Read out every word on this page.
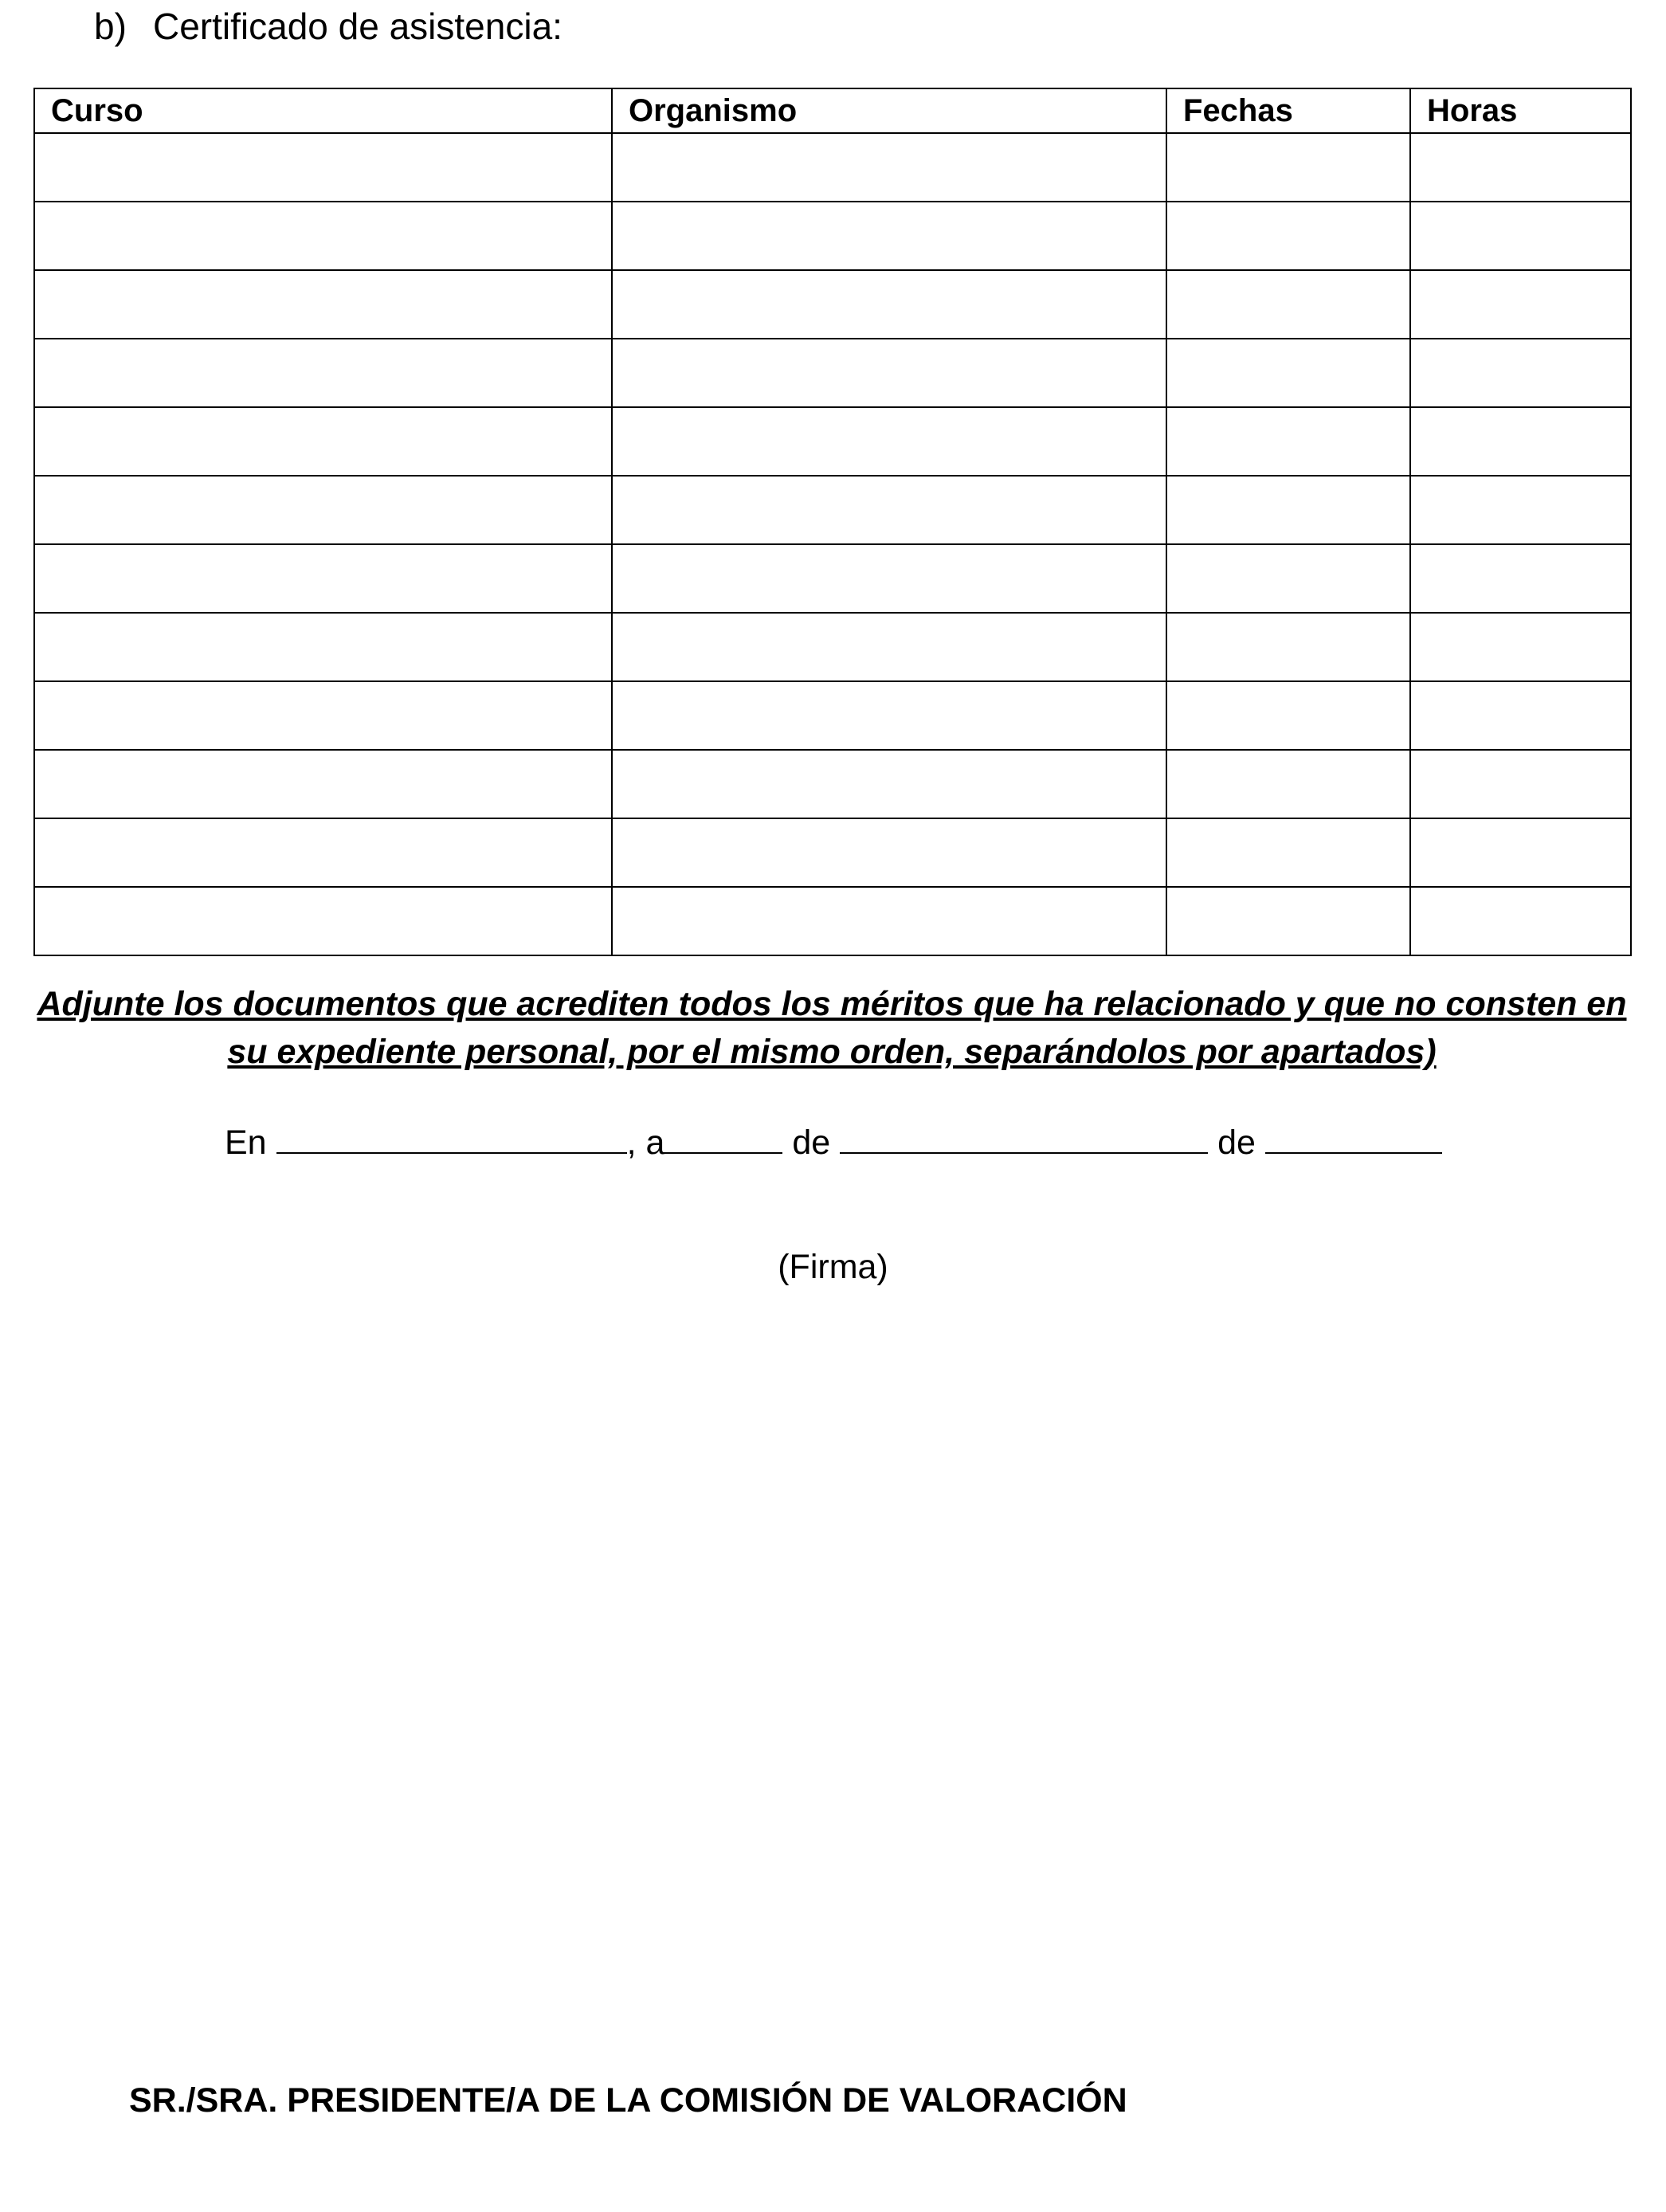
b) Certificado de asistencia:
Curso	Organismo	Fechas	Horas

Adjunte los documentos que acrediten todos los méritos que ha relacionado y que no consten en
su expediente personal, por el mismo orden, separándolos por apartados)
En	, a	de	de
(Firma)
SR./SRA. PRESIDENTE/A DE LA COMISIÓN DE VALORACIÓN
